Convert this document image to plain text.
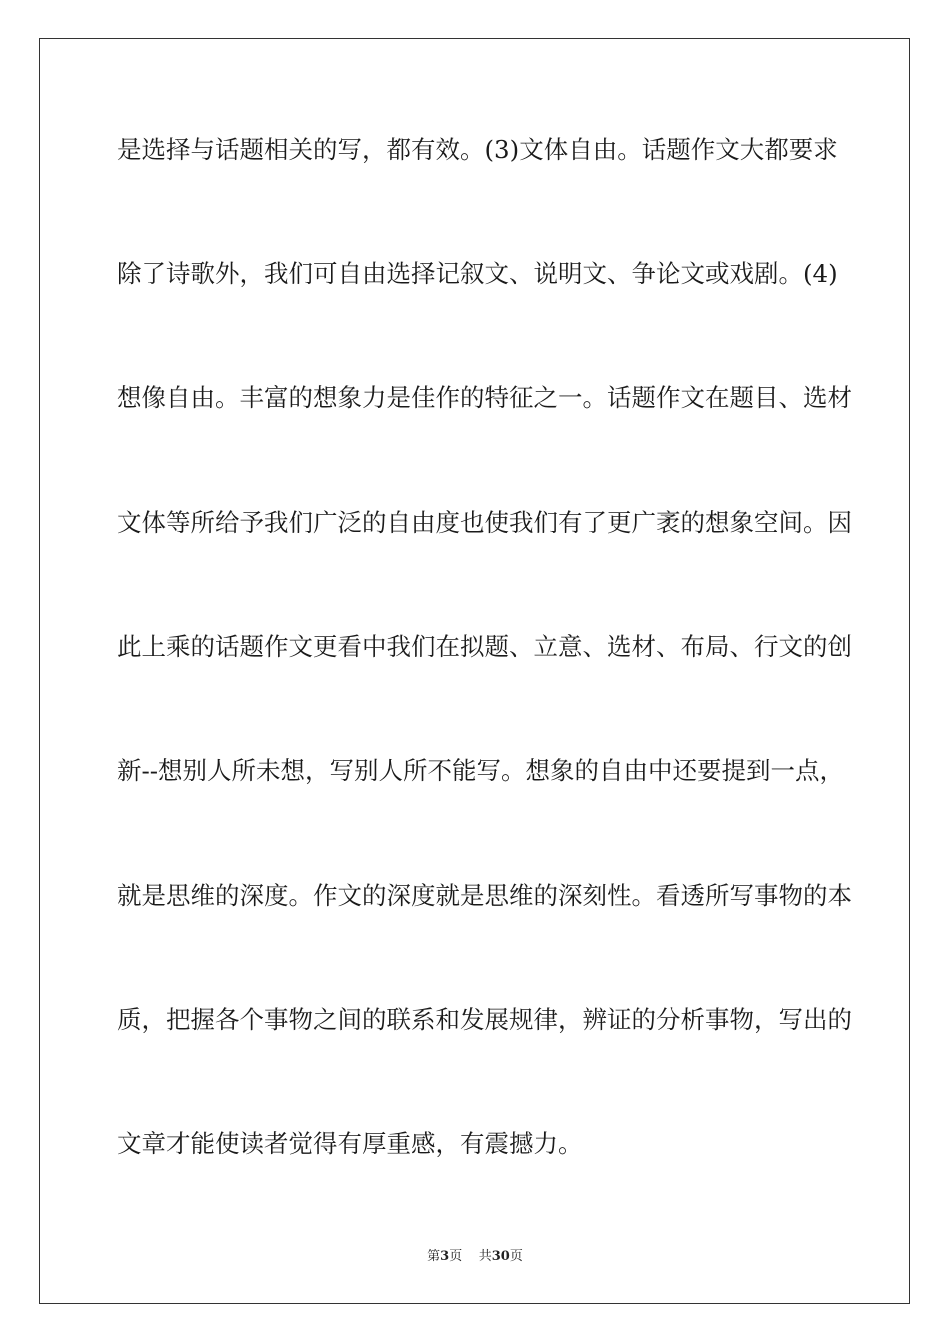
是选择与话题相关的写，都有效。(3)文体自由。话题作文大都要求
除了诗歌外，我们可自由选择记叙文、说明文、争论文或戏剧。(4)
想像自由。丰富的想象力是佳作的特征之一。话题作文在题目、选材
文体等所给予我们广泛的自由度也使我们有了更广袤的想象空间。因
此上乘的话题作文更看中我们在拟题、立意、选材、布局、行文的创
新--想别人所未想，写别人所不能写。想象的自由中还要提到一点，
就是思维的深度。作文的深度就是思维的深刻性。看透所写事物的本
质，把握各个事物之间的联系和发展规律，辨证的分析事物，写出的
文章才能使读者觉得有厚重感，有震撼力。
第3页 共30页
